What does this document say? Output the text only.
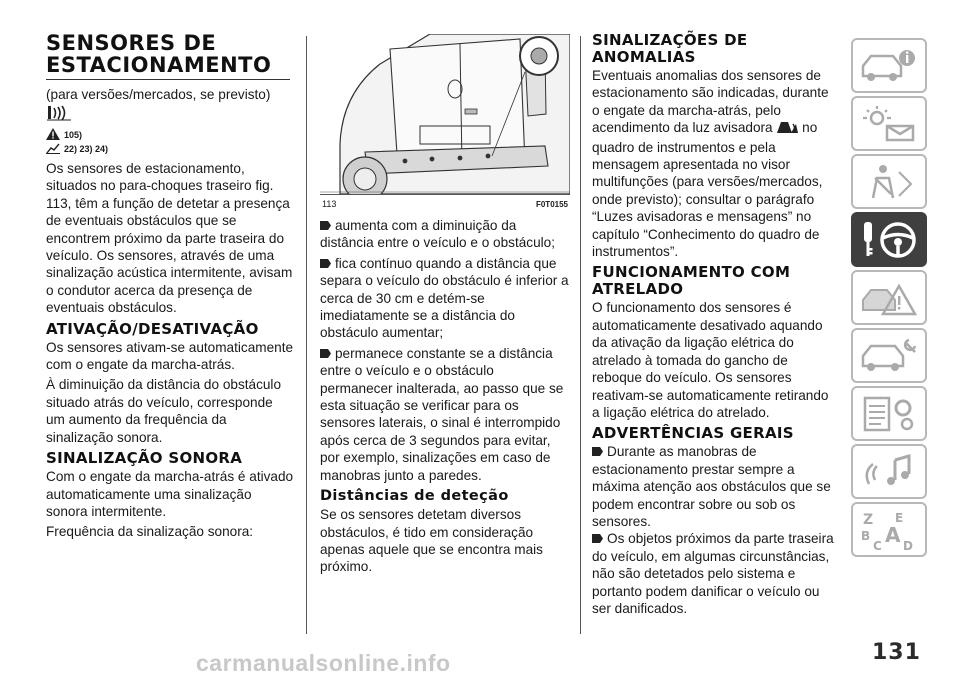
SENSORES DE
ESTACIONAMENTO

(para versões/mercados, se previsto)

105)
22) 23) 24)

Os sensores de estacionamento, situados no para-choques traseiro fig. 113, têm a função de detetar a presença de eventuais obstáculos que se encontrem próximo da parte traseira do veículo. Os sensores, através de uma sinalização acústica intermitente, avisam o condutor acerca da presença de eventuais obstáculos.

ATIVAÇÃO/DESATIVAÇÃO

Os sensores ativam-se automaticamente com o engate da marcha-atrás.

À diminuição da distância do obstáculo situado atrás do veículo, corresponde um aumento da frequência da sinalização sonora.

SINALIZAÇÃO SONORA

Com o engate da marcha-atrás é ativado automaticamente uma sinalização sonora intermitente.

Frequência da sinalização sonora:

113	F0T0155

aumenta com a diminuição da distância entre o veículo e o obstáculo;

fica contínuo quando a distância que separa o veículo do obstáculo é inferior a cerca de 30 cm e detém-se imediatamente se a distância do obstáculo aumentar;

permanece constante se a distância entre o veículo e o obstáculo permanecer inalterada, ao passo que se esta situação se verificar para os sensores laterais, o sinal é interrompido após cerca de 3 segundos para evitar, por exemplo, sinalizações em caso de manobras junto a paredes.

Distâncias de deteção

Se os sensores detetam diversos obstáculos, é tido em consideração apenas aquele que se encontra mais próximo.

SINALIZAÇÕES DE ANOMALIAS

Eventuais anomalias dos sensores de estacionamento são indicadas, durante o engate da marcha-atrás, pelo acendimento da luz avisadora no quadro de instrumentos e pela mensagem apresentada no visor multifunções (para versões/mercados, onde previsto); consultar o parágrafo “Luzes avisadoras e mensagens” no capítulo “Conhecimento do quadro de instrumentos”.

FUNCIONAMENTO COM ATRELADO

O funcionamento dos sensores é automaticamente desativado aquando da ativação da ligação elétrica do atrelado à tomada do gancho de reboque do veículo. Os sensores reativam-se automaticamente retirando a ligação elétrica do atrelado.

ADVERTÊNCIAS GERAIS

Durante as manobras de estacionamento prestar sempre a máxima atenção aos obstáculos que se podem encontrar sobre ou sob os sensores.

Os objetos próximos da parte traseira do veículo, em algumas circunstâncias, não são detetados pelo sistema e portanto podem danificar o veículo ou ser danificados.

Z E
B A
C D
131
carmanualsonline.info
